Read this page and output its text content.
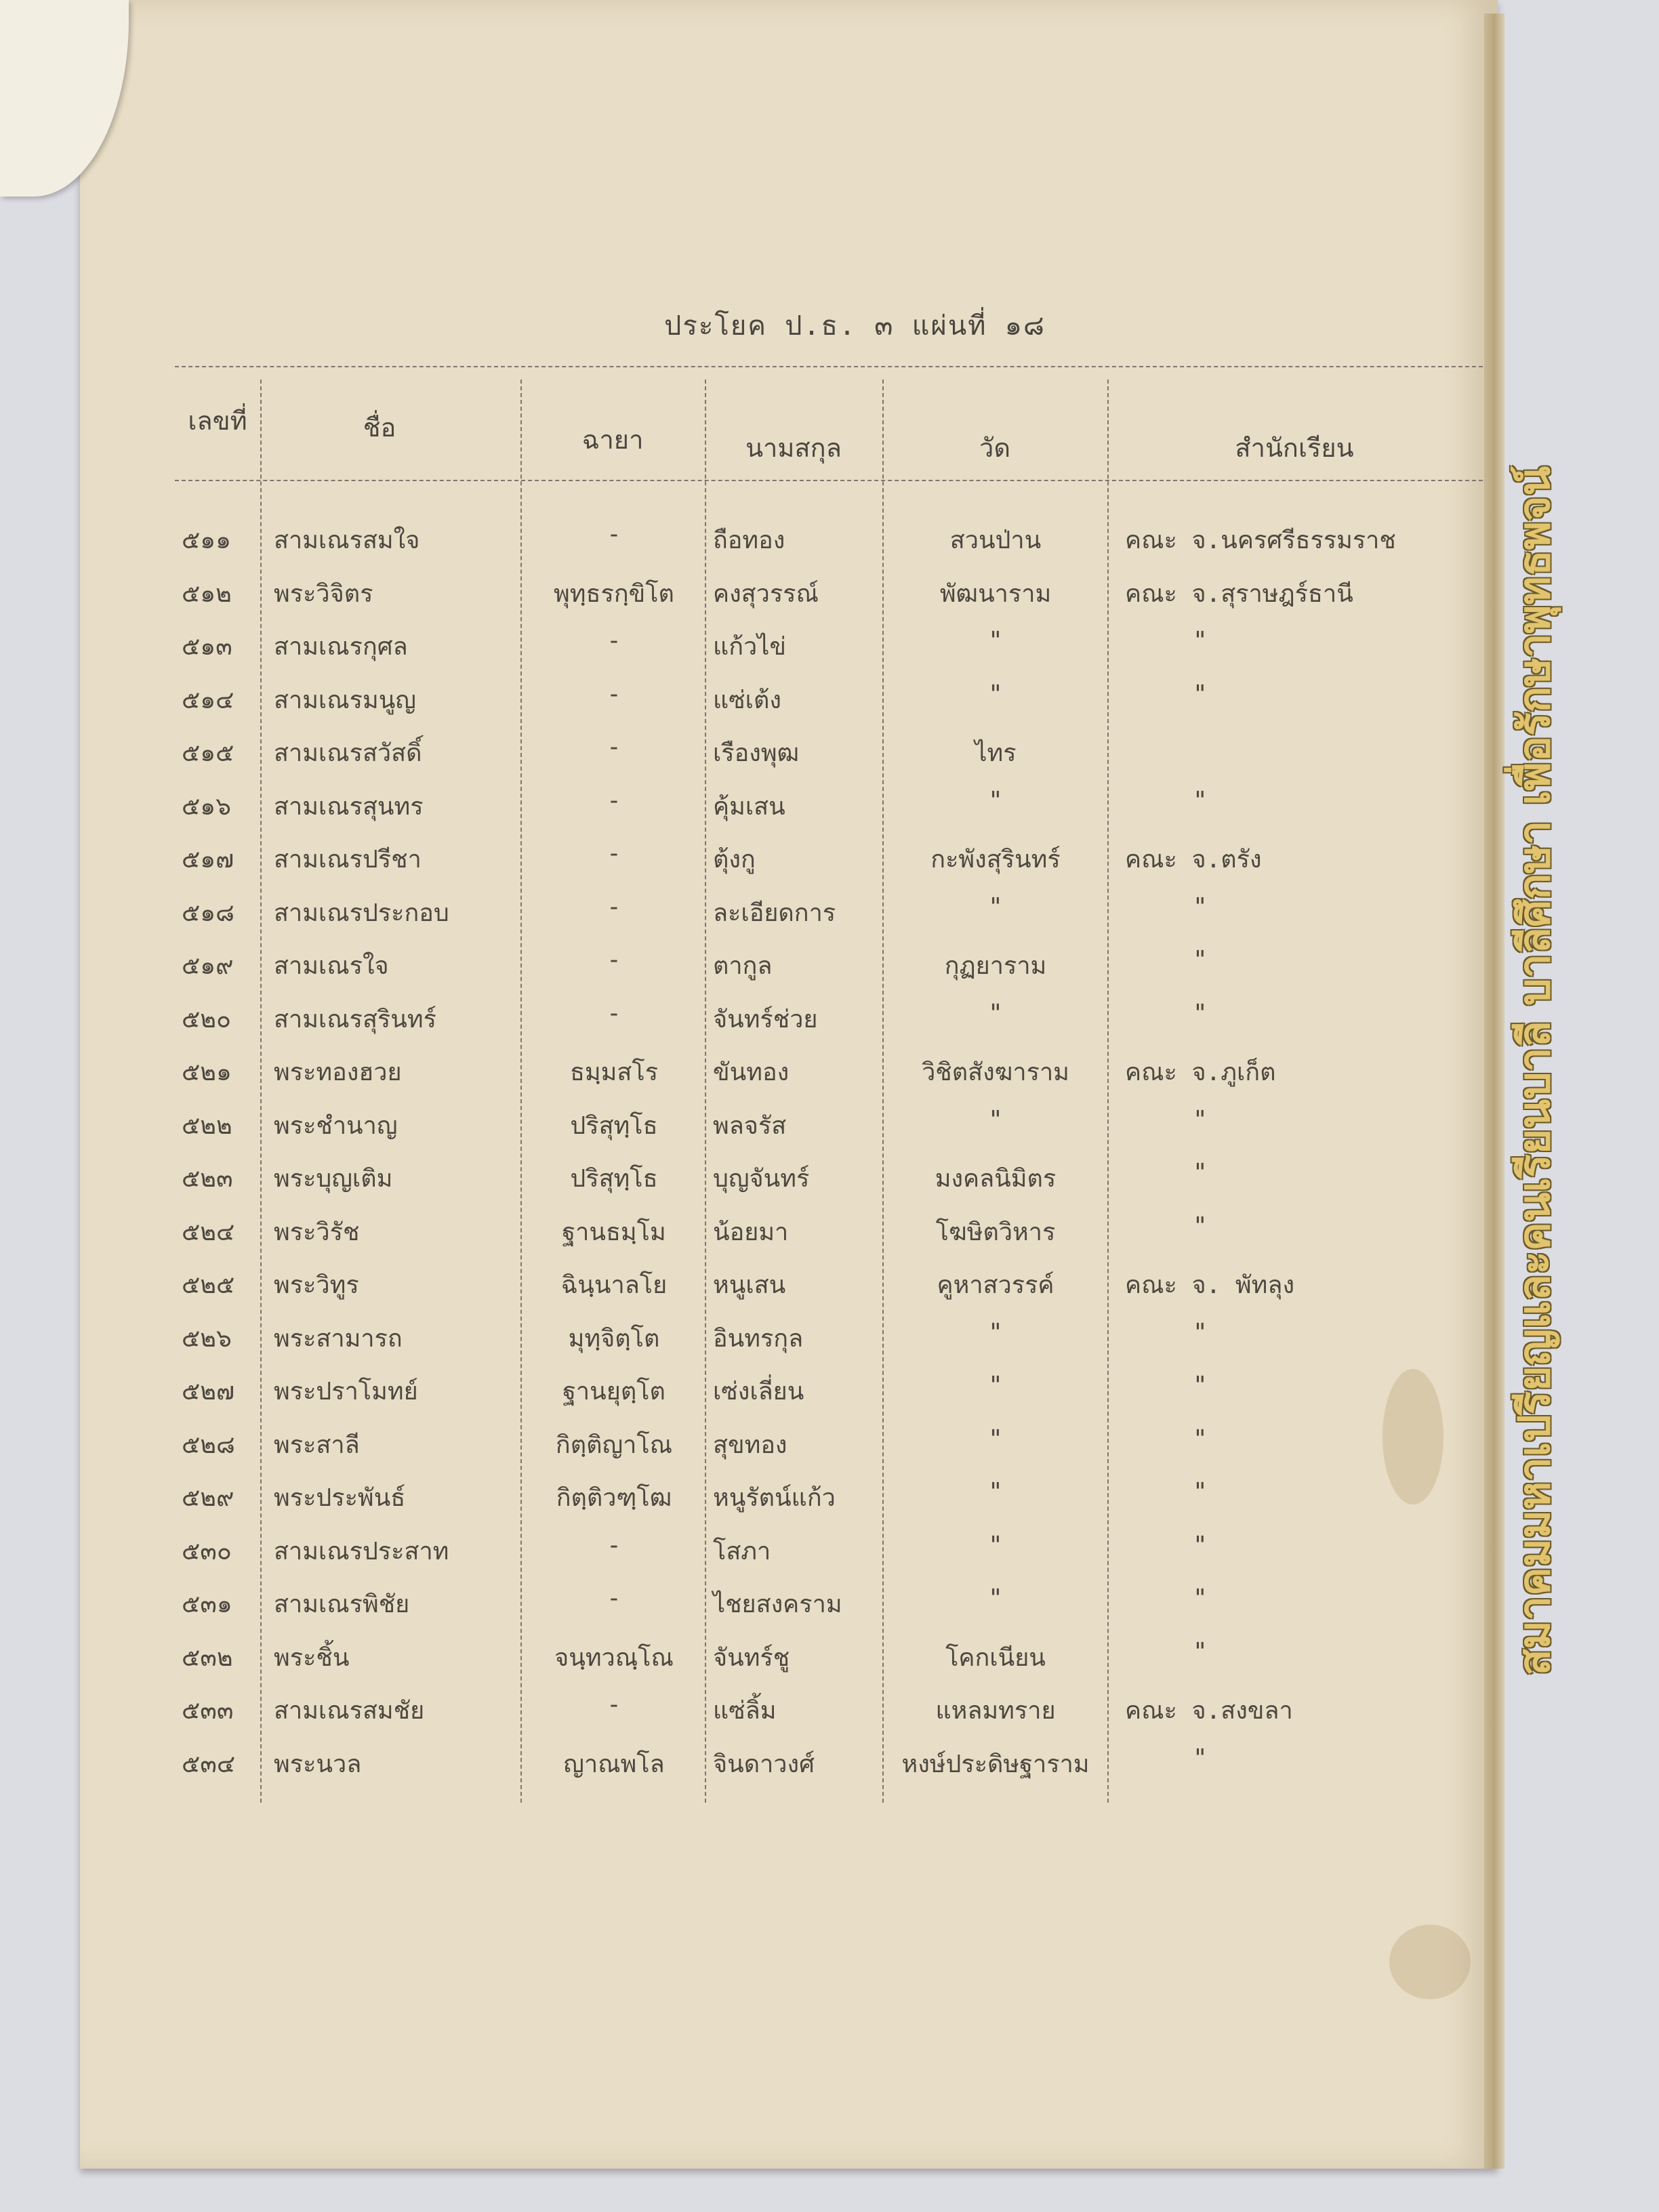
ประโยค ป.ธ. ๓ แผ่นที่ ๑๘
เลขที่	ชื่อ	ฉายา	นามสกุล	วัด	สำนักเรียน
๕๑๑	สามเณรสมใจ	-	ถือทอง	สวนป่าน	คณะ จ.นครศรีธรรมราช
๕๑๒	พระวิจิตร	พุทฺธรกฺขิโต	คงสุวรรณ์	พัฒนาราม	คณะ จ.สุราษฎร์ธานี
๕๑๓	สามเณรกุศล	-	แก้วไข่	"	"
๕๑๔	สามเณรมนูญ	-	แซ่เต้ง	"	"
๕๑๕	สามเณรสวัสดิ์	-	เรืองพุฒ	ไทร
๕๑๖	สามเณรสุนทร	-	คุ้มเสน	"	"
๕๑๗	สามเณรปรีชา	-	ตุ้งกู	กะพังสุรินทร์	คณะ จ.ตรัง
๕๑๘	สามเณรประกอบ	-	ละเอียดการ	"	"
๕๑๙	สามเณรใจ	-	ตากูล	กุฏยาราม	"
๕๒๐	สามเณรสุรินทร์	-	จันทร์ช่วย	"	"
๕๒๑	พระทองฮวย	ธมฺมสโร	ขันทอง	วิชิตสังฆาราม	คณะ จ.ภูเก็ต
๕๒๒	พระชำนาญ	ปริสุทฺโธ	พลจรัส	"	"
๕๒๓	พระบุญเติม	ปริสุทฺโธ	บุญจันทร์	มงคลนิมิตร	"
๕๒๔	พระวิรัช	ฐานธมฺโม	น้อยมา	โฆษิตวิหาร	"
๕๒๕	พระวิทูร	ฉินฺนาลโย	หนูเสน	คูหาสวรรค์	คณะ จ. พัทลุง
๕๒๖	พระสามารถ	มุทฺจิตฺโต	อินทรกุล	"	"
๕๒๗	พระปราโมทย์	ฐานยุตฺโต	เซ่งเลี่ยน	"	"
๕๒๘	พระสาลี	กิตฺติญาโณ	สุขทอง	"	"
๕๒๙	พระประพันธ์	กิตฺติวฑฺโฒ	หนูรัตน์แก้ว	"	"
๕๓๐	สามเณรประสาท	-	โสภา	"	"
๕๓๑	สามเณรพิชัย	-	ไชยสงคราม	"	"
๕๓๒	พระชิ้น	จนฺทวณฺโณ	จันทร์ชู	โคกเนียน	"
๕๓๓	สามเณรสมชัย	-	แซ่ลิ้ม	แหลมทราย	คณะ จ.สงขลา
๕๓๔	พระนวล	ญาณพโล	จินดาวงศ์	หงษ์ประดิษฐาราม	"
สมาคมมหาเปรียญและคนเรียนบาลี บาลีศึกษา เพื่อรักษาพุทธพจน์
